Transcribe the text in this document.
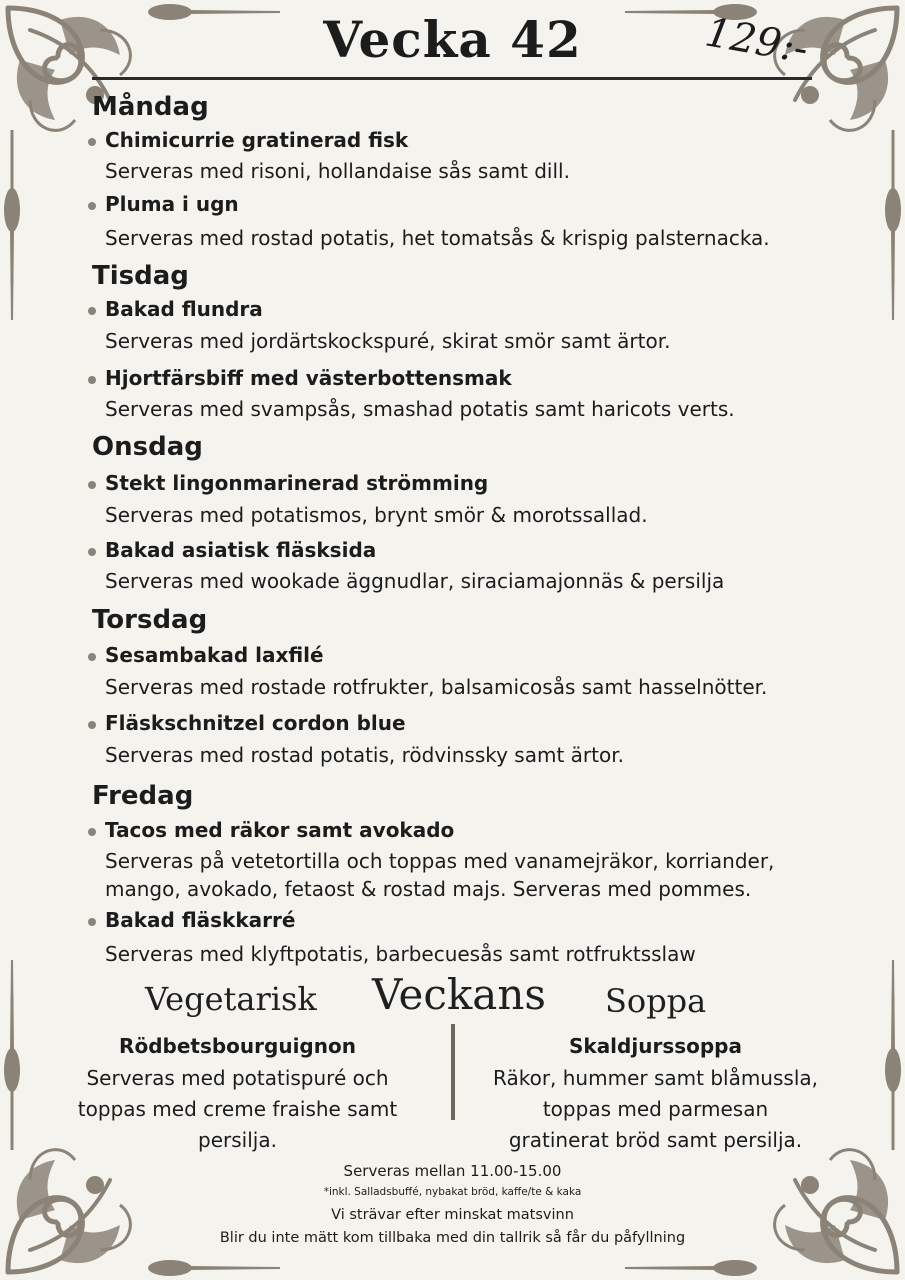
Vecka 42	129:-
Måndag
Chimicurrie gratinerad fisk
Serveras med risoni, hollandaise sås samt dill.
Pluma i ugn
Serveras med rostad potatis, het tomatsås & krispig palsternacka.
Tisdag
Bakad flundra
Serveras med jordärtskockspuré, skirat smör samt ärtor.
Hjortfärsbiff med västerbottensmak
Serveras med svampsås, smashad potatis samt haricots verts.
Onsdag
Stekt lingonmarinerad strömming
Serveras med potatismos, brynt smör & morotssallad.
Bakad asiatisk fläsksida
Serveras med wookade äggnudlar, siraciamajonnäs & persilja
Torsdag
Sesambakad laxfilé
Serveras med rostade rotfrukter, balsamicosås samt hasselnötter.
Fläskschnitzel cordon blue
Serveras med rostad potatis, rödvinssky samt ärtor.
Fredag
Tacos med räkor samt avokado
Serveras på vetetortilla och toppas med vanamejräkor, korriander,
mango, avokado, fetaost & rostad majs. Serveras med pommes.
Bakad fläskkarré
Serveras med klyftpotatis, barbecuesås samt rotfruktsslaw
Vegetarisk Veckans Soppa
Rödbetsbourguignon
Serveras med potatispuré och
toppas med creme fraishe samt
persilja.
Skaldjurssoppa
Räkor, hummer samt blåmussla,
toppas med parmesan
gratinerat bröd samt persilja.
Serveras mellan 11.00-15.00
*inkl. Salladsbuffé, nybakat bröd, kaffe/te & kaka
Vi strävar efter minskat matsvinn
Blir du inte mätt kom tillbaka med din tallrik så får du påfyllning
